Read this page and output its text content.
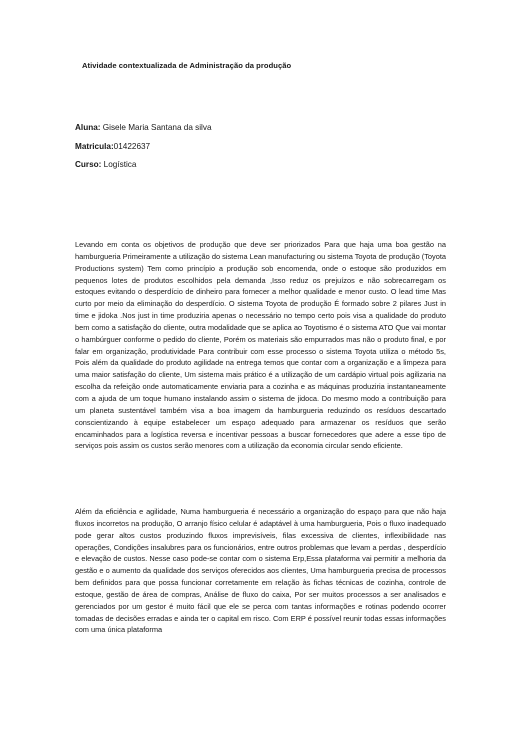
Atividade contextualizada de Administração da produção
Aluna: Gisele Maria Santana da silva
Matricula:01422637
Curso: Logística

Levando em conta os objetivos de produção que deve ser priorizados Para que haja uma boa gestão na hamburgueria Primeiramente a utilização do sistema Lean manufacturing ou sistema Toyota de produção (Toyota Productions system) Tem como princípio a produção sob encomenda, onde o estoque são produzidos em pequenos lotes de produtos escolhidos pela demanda ,Isso reduz os prejuízos e não sobrecarregam os estoques evitando o desperdício de dinheiro para fornecer a melhor qualidade e menor custo. O lead time Mas curto por meio da eliminação do desperdício. O sistema Toyota de produção É formado sobre 2 pilares Just in time e jidoka .Nos just in time produziria apenas o necessário no tempo certo pois visa a qualidade do produto bem como a satisfação do cliente, outra modalidade que se aplica ao Toyotismo é o sistema ATO Que vai montar o hambúrguer conforme o pedido do cliente, Porém os materiais são empurrados mas não o produto final, e por falar em organização, produtividade Para contribuir com esse processo o sistema Toyota utiliza o método 5s, Pois além da qualidade do produto agilidade na entrega temos que contar com a organização e a limpeza para uma maior satisfação do cliente, Um sistema mais prático é a utilização de um cardápio virtual pois agilizaria na escolha da refeição onde automaticamente enviaria para a cozinha e as máquinas produziria instantaneamente com a ajuda de um toque humano instalando assim o sistema de jidoca. Do mesmo modo a contribuição para um planeta sustentável também visa a boa imagem da hamburgueria reduzindo os resíduos descartado conscientizando à equipe estabelecer um espaço adequado para armazenar os resíduos que serão encaminhados para a logística reversa e incentivar pessoas a buscar fornecedores que adere a esse tipo de serviços pois assim os custos serão menores com a utilização da economia circular sendo eficiente.

Além da eficiência e agilidade, Numa hamburgueria é necessário a organização do espaço para que não haja fluxos incorretos na produção, O arranjo físico celular é adaptável à uma hamburgueria, Pois o fluxo inadequado pode gerar altos custos produzindo fluxos imprevisíveis, filas excessiva de clientes, inflexibilidade nas operações, Condições insalubres para os funcionários, entre outros problemas que levam a perdas , desperdício e elevação de custos. Nesse caso pode-se contar com o sistema Erp,Essa plataforma vai permitir a melhoria da gestão e o aumento da qualidade dos serviços oferecidos aos clientes, Uma hamburgueria precisa de processos bem definidos para que possa funcionar corretamente em relação às fichas técnicas de cozinha, controle de estoque, gestão de área de compras, Análise de fluxo do caixa, Por ser muitos processos a ser analisados e gerenciados por um gestor é muito fácil que ele se perca com tantas informações e rotinas podendo ocorrer tomadas de decisões erradas e ainda ter o capital em risco. Com ERP é possível reunir todas essas informações com uma única plataforma
